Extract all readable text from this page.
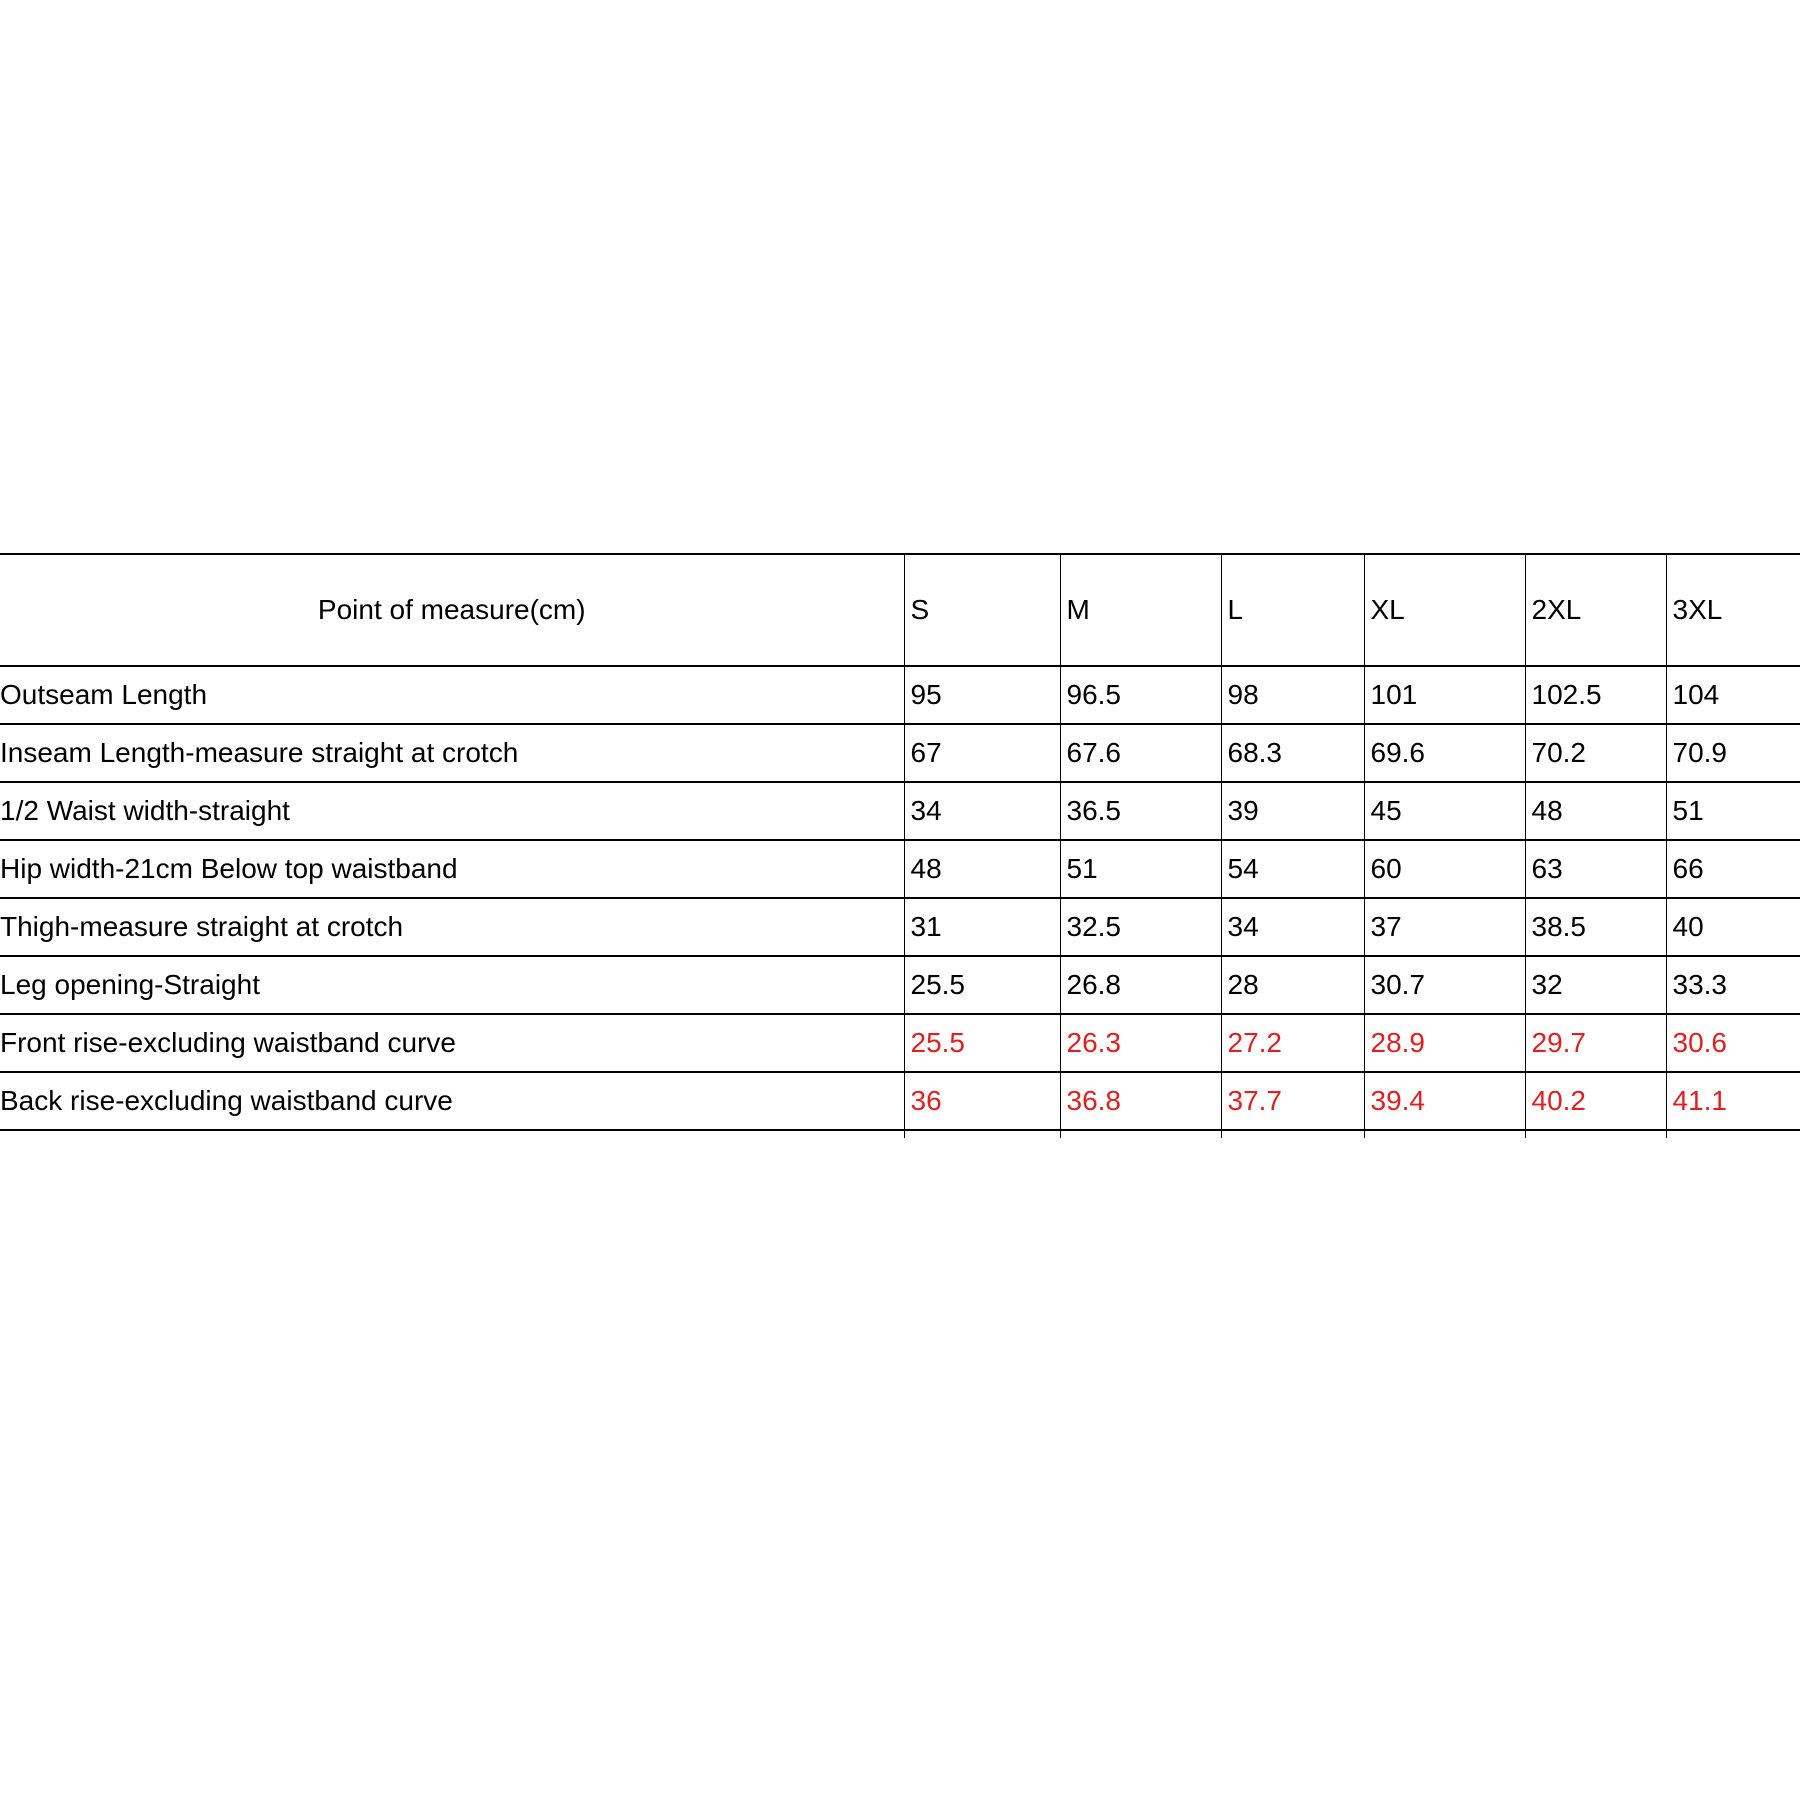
Point of measure(cm)	S	M	L	XL	2XL	3XL
Outseam Length	95	96.5	98	101	102.5	104
Inseam Length-measure straight at crotch	67	67.6	68.3	69.6	70.2	70.9
1/2 Waist width-straight	34	36.5	39	45	48	51
Hip width-21cm Below top waistband	48	51	54	60	63	66
Thigh-measure straight at crotch	31	32.5	34	37	38.5	40
Leg opening-Straight	25.5	26.8	28	30.7	32	33.3
Front rise-excluding waistband curve	25.5	26.3	27.2	28.9	29.7	30.6
Back rise-excluding waistband curve	36	36.8	37.7	39.4	40.2	41.1
